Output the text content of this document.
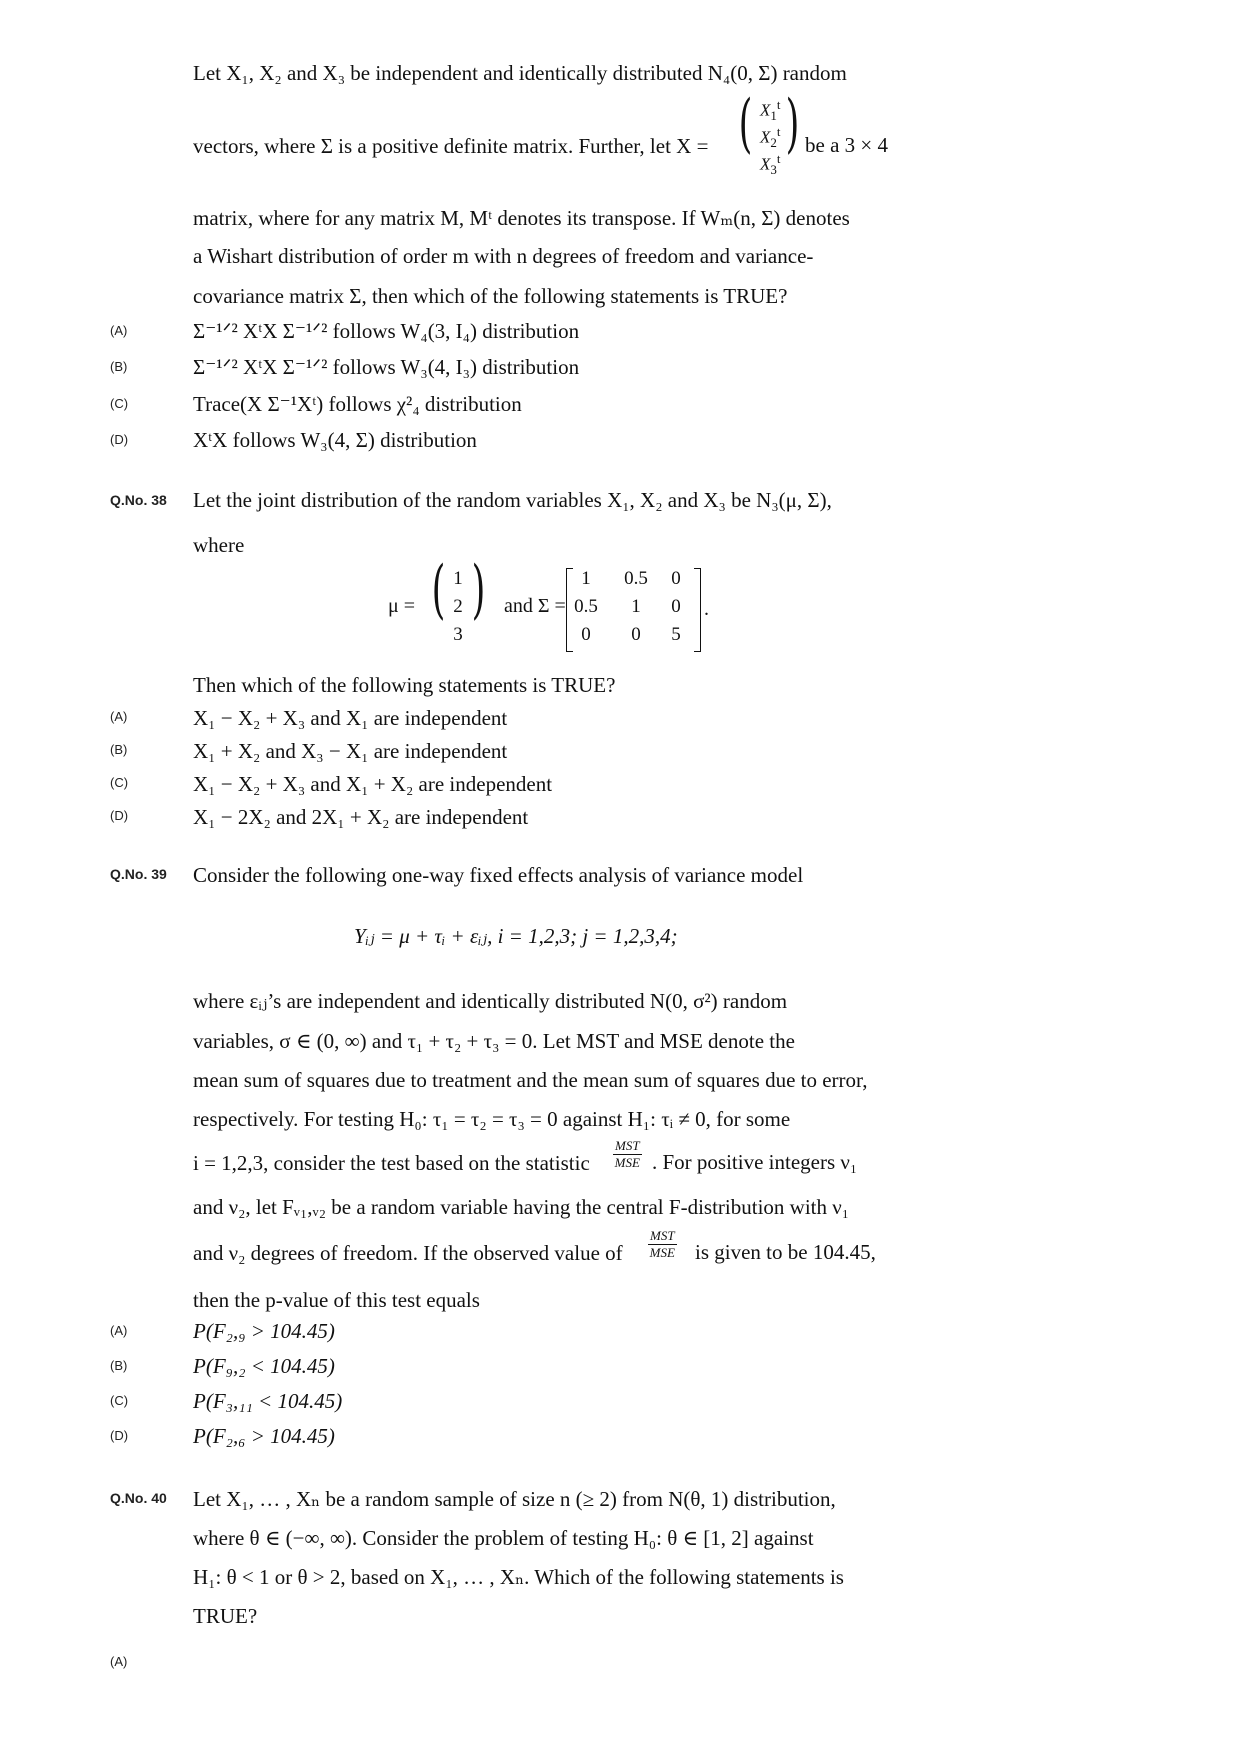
Let X₁, X₂ and X₃ be independent and identically distributed N₄(0, Σ) random
vectors, where Σ is a positive definite matrix. Further, let X = ( $X_1^t$
$X_2^t$
$X_3^t$ ) be a 3 × 4
matrix, where for any matrix M, Mᵗ denotes its transpose. If Wₘ(n, Σ) denotes
a Wishart distribution of order m with n degrees of freedom and variance-
covariance matrix Σ, then which of the following statements is TRUE?
(A)	Σ⁻¹ᐟ² XᵗX Σ⁻¹ᐟ² follows W₄(3, I₄) distribution
(B)	Σ⁻¹ᐟ² XᵗX Σ⁻¹ᐟ² follows W₃(4, I₃) distribution
(C)	Trace(X Σ⁻¹Xᵗ) follows χ²₄ distribution
(D)	XᵗX follows W₃(4, Σ) distribution
Q.No. 38 Let the joint distribution of the random variables X₁, X₂ and X₃ be N₃(μ, Σ),
where
μ = ( 1
2
3
) and Σ =
1	0.5	0
0.5	1	0
0	0	5
.
Then which of the following statements is TRUE?
(A)	X₁ − X₂ + X₃ and X₁ are independent
(B)	X₁ + X₂ and X₃ − X₁ are independent
(C)	X₁ − X₂ + X₃ and X₁ + X₂ are independent
(D)	X₁ − 2X₂ and 2X₁ + X₂ are independent
Q.No. 39 Consider the following one-way fixed effects analysis of variance model
Yᵢⱼ = μ + τᵢ + εᵢⱼ, i = 1,2,3; j = 1,2,3,4;
where εᵢⱼ’s are independent and identically distributed N(0, σ²) random
variables, σ ∈ (0, ∞) and τ₁ + τ₂ + τ₃ = 0. Let MST and MSE denote the
mean sum of squares due to treatment and the mean sum of squares due to error,
respectively. For testing H₀: τ₁ = τ₂ = τ₃ = 0 against H₁: τᵢ ≠ 0, for some
i = 1,2,3, consider the test based on the statistic
MST
MSE . For positive integers ν₁
and ν₂, let Fᵥ₁,ᵥ₂ be a random variable having the central F-distribution with ν₁
and ν₂ degrees of freedom. If the observed value of
MST
MSE is given to be 104.45,
then the p-value of this test equals
(A)	P(F₂,₉ > 104.45)
(B)	P(F₉,₂ < 104.45)
(C)	P(F₃,₁₁ < 104.45)
(D)	P(F₂,₆ > 104.45)
Q.No. 40 Let X₁, … , Xₙ be a random sample of size n (≥ 2) from N(θ, 1) distribution,
where θ ∈ (−∞, ∞). Consider the problem of testing H₀: θ ∈ [1, 2] against
H₁: θ < 1 or θ > 2, based on X₁, … , Xₙ. Which of the following statements is
TRUE?
(A)
